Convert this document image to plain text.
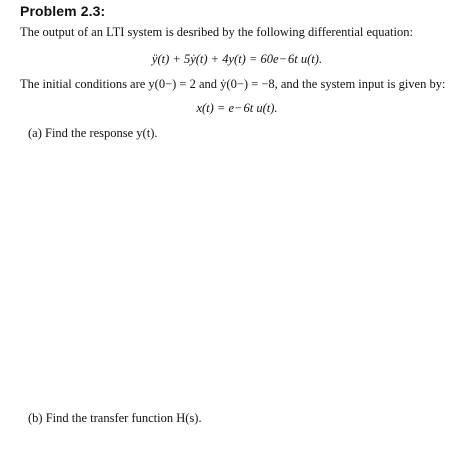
Problem 2.3:
The output of an LTI system is desribed by the following differential equation:
ÿ(t) + 5ẏ(t) + 4y(t) = 60e− 6t u(t).
The initial conditions are y(0−) = 2 and ẏ(0−) = −8, and the system input is given by:
x(t) = e− 6t u(t).
(a) Find the response y(t).
(b) Find the transfer function H(s).
